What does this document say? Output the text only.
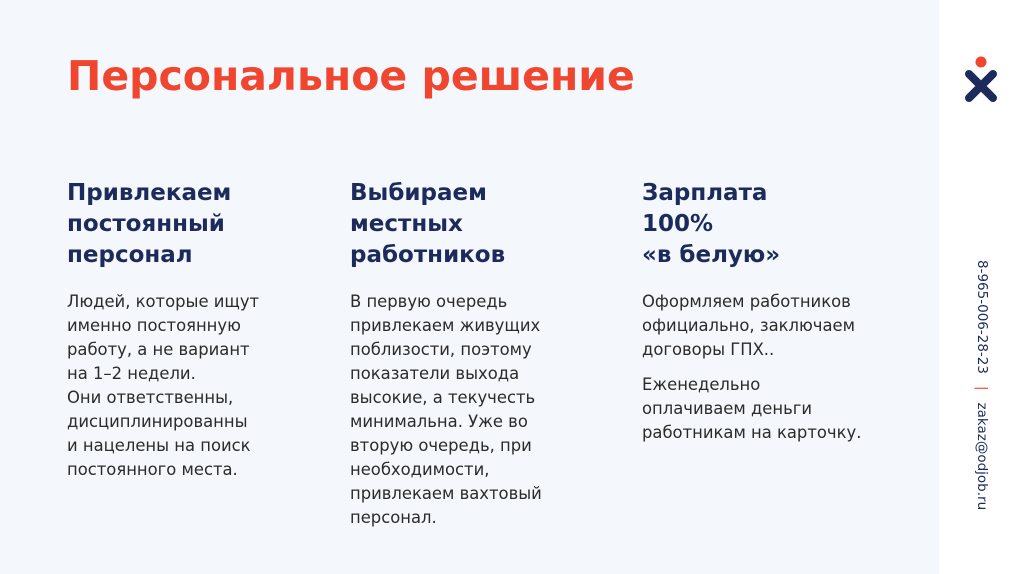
Персональное решение
Привлекаем
постоянный
персонал

Людей, которые ищут
именно постоянную
работу, а не вариант
на 1–2 недели.
Они ответственны,
дисциплинированны
и нацелены на поиск
постоянного места.

Выбираем
местных
работников

В первую очередь
привлекаем живущих
поблизости, поэтому
показатели выхода
высокие, а текучесть
минимальна. Уже во
вторую очередь, при
необходимости,
привлекаем вахтовый
персонал.

Зарплата
100%
«в белую»

Оформляем работников
официально, заключаем
договоры ГПХ..

Еженедельно
оплачиваем деньги
работникам на карточку.

8-965-006-28-23|zakaz@odjob.ru
